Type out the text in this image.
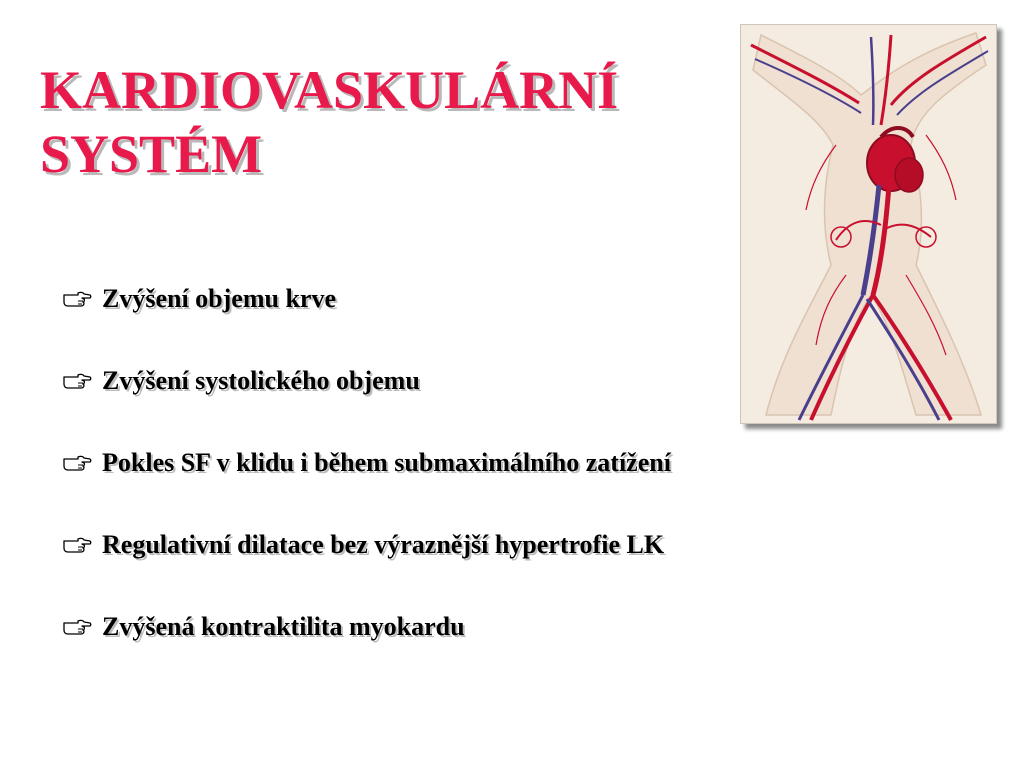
KARDIOVASKULÁRNÍ
SYSTÉM
Zvýšení objemu krve
Zvýšení systolického objemu
Pokles SF v klidu i během submaximálního zatížení
Regulativní dilatace bez výraznější hypertrofie LK
Zvýšená kontraktilita myokardu
